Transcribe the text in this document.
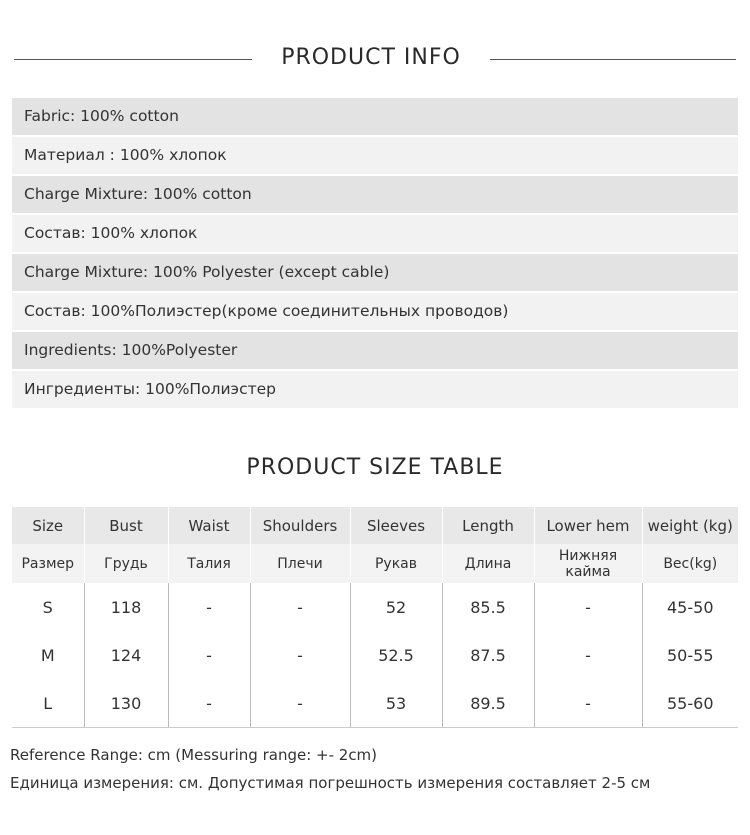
PRODUCT INFO
Fabric: 100% cotton
Материал : 100% хлопок
Charge Mixture: 100% cotton
Состав: 100% хлопок
Charge Mixture: 100% Polyester (except cable)
Состав: 100%Полиэстер(кроме соединительных проводов)
Ingredients: 100%Polyester
Ингредиенты: 100%Полиэстер
PRODUCT SIZE TABLE
Size	Bust	Waist	Shoulders	Sleeves	Length	Lower hem	weight (kg)
Размер	Грудь	Талия	Плечи	Рукав	Длина	Нижняя кайма	Вес(kg)
S	118	-	-	52	85.5	-	45-50
M	124	-	-	52.5	87.5	-	50-55
L	130	-	-	53	89.5	-	55-60
Reference Range: cm (Messuring range: +- 2cm)
Единица измерения: см. Допустимая погрешность измерения составляет 2-5 см
